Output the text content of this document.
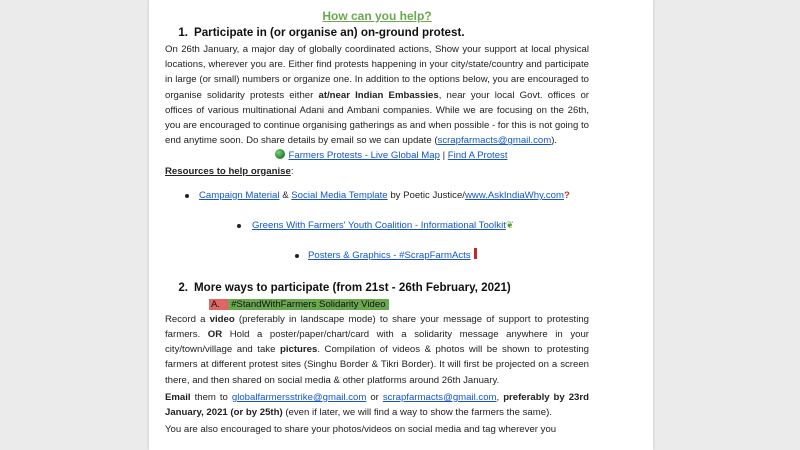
How can you help?
1. Participate in (or organise an) on-ground protest.
On 26th January, a major day of globally coordinated actions, Show your support at local physical locations, wherever you are. Either find protests happening in your city/state/country and participate in large (or small) numbers or organize one. In addition to the options below, you are encouraged to organise solidarity protests either at/near Indian Embassies, near your local Govt. offices or offices of various multinational Adani and Ambani companies. While we are focusing on the 26th, you are encouraged to continue organising gatherings as and when possible - for this is not going to end anytime soon. Do share details by email so we can update (scrapfarmacts@gmail.com).
Farmers Protests - Live Global Map | Find A Protest
Resources to help organise:
Campaign Material & Social Media Template by Poetic Justice/www.AskIndiaWhy.com?
Greens With Farmers' Youth Coalition - Informational Toolkit❦
Posters & Graphics - #ScrapFarmActs
2. More ways to participate (from 21st - 26th February, 2021)
A. #StandWithFarmers Solidarity Video
Record a video (preferably in landscape mode) to share your message of support to protesting farmers. OR Hold a poster/paper/chart/card with a solidarity message anywhere in your city/town/village and take pictures. Compilation of videos & photos will be shown to protesting farmers at different protest sites (Singhu Border & Tikri Border). It will first be projected on a screen there, and then shared on social media & other platforms around 26th January.
Email them to globalfarmersstrike@gmail.com or scrapfarmacts@gmail.com, preferably by 23rd January, 2021 (or by 25th) (even if later, we will find a way to show the farmers the same).
You are also encouraged to share your photos/videos on social media and tag wherever you
